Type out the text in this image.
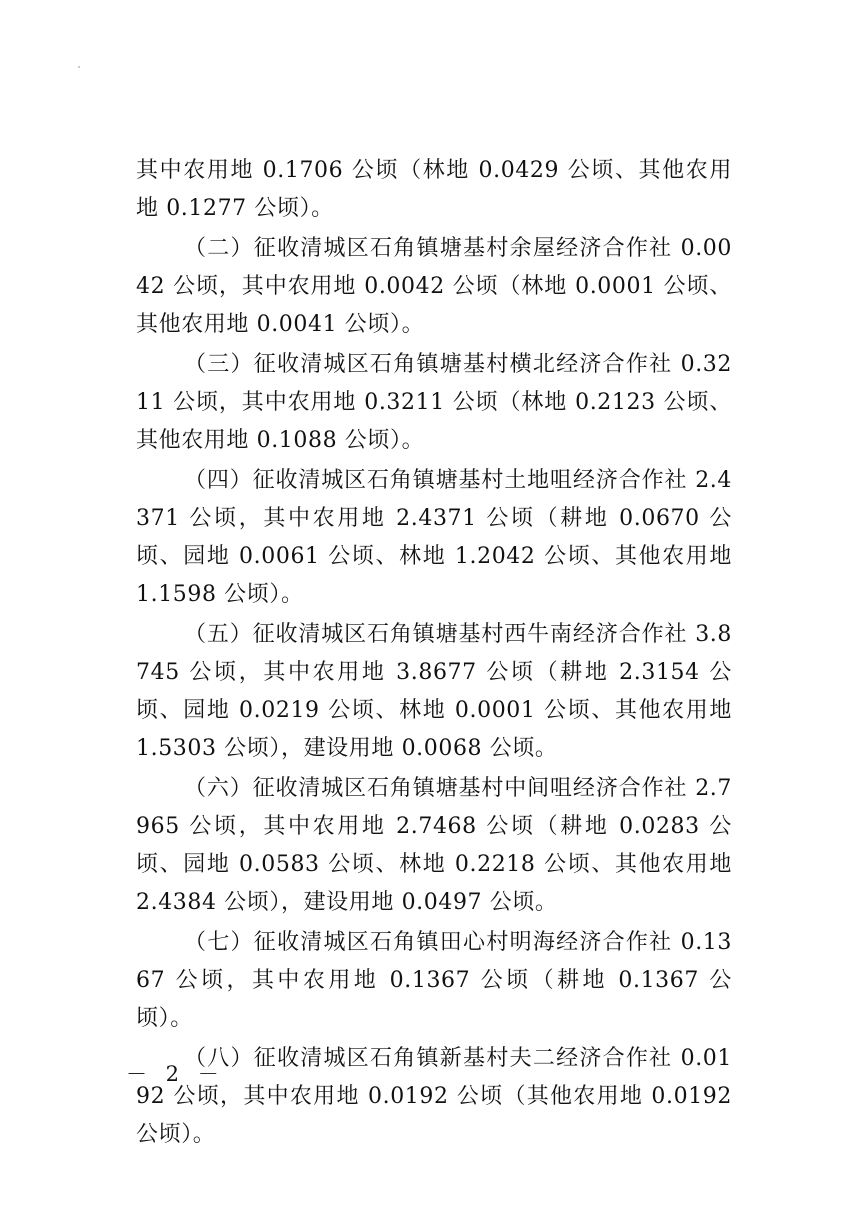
其中农用地 0.1706 公顷（林地 0.0429 公顷、其他农用地 0.1277 公顷）。

（二）征收清城区石角镇塘基村余屋经济合作社 0.0042 公顷，其中农用地 0.0042 公顷（林地 0.0001 公顷、其他农用地 0.0041 公顷）。

（三）征收清城区石角镇塘基村横北经济合作社 0.3211 公顷，其中农用地 0.3211 公顷（林地 0.2123 公顷、其他农用地 0.1088 公顷）。

（四）征收清城区石角镇塘基村土地咀经济合作社 2.4371 公顷，其中农用地 2.4371 公顷（耕地 0.0670 公顷、园地 0.0061 公顷、林地 1.2042 公顷、其他农用地 1.1598 公顷）。

（五）征收清城区石角镇塘基村西牛南经济合作社 3.8745 公顷，其中农用地 3.8677 公顷（耕地 2.3154 公顷、园地 0.0219 公顷、林地 0.0001 公顷、其他农用地 1.5303 公顷），建设用地 0.0068 公顷。

（六）征收清城区石角镇塘基村中间咀经济合作社 2.7965 公顷，其中农用地 2.7468 公顷（耕地 0.0283 公顷、园地 0.0583 公顷、林地 0.2218 公顷、其他农用地 2.4384 公顷），建设用地 0.0497 公顷。

（七）征收清城区石角镇田心村明海经济合作社 0.1367 公顷，其中农用地 0.1367 公顷（耕地 0.1367 公顷）。

（八）征收清城区石角镇新基村夫二经济合作社 0.0192 公顷，其中农用地 0.0192 公顷（其他农用地 0.0192 公顷）。

－ 2 －
